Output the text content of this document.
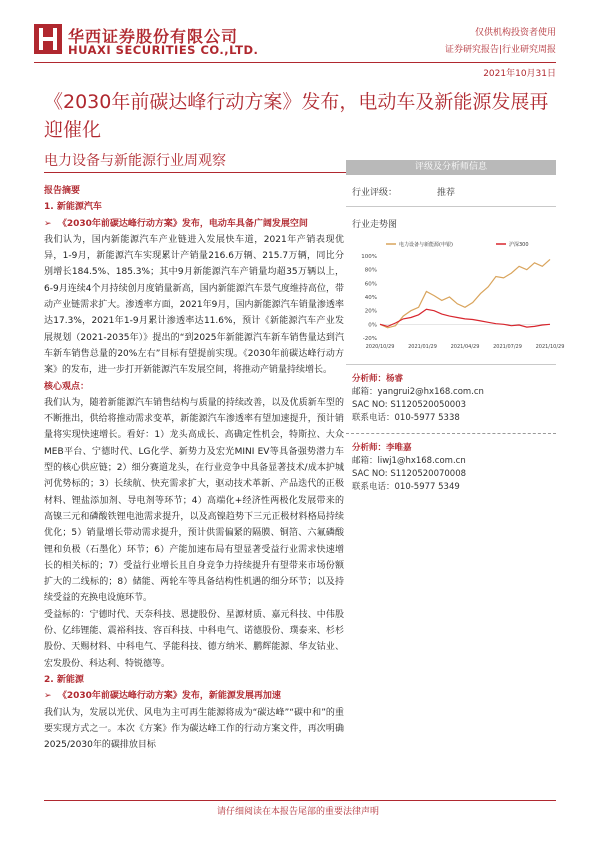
华西证券股份有限公司
HUAXI SECURITIES CO.,LTD.
仅供机构投资者使用
证券研究报告|行业研究周报
2021年10月31日
《2030年前碳达峰行动方案》发布，电动车及新能源发展再迎催化
电力设备与新能源行业周观察
报告摘要
1. 新能源汽车
➢  《2030年前碳达峰行动方案》发布，电动车具备广阔发展空间
我们认为，国内新能源汽车产业链进入发展快车道，2021年产销表现优异，1-9月，新能源汽车实现累计产销量216.6万辆、215.7万辆，同比分别增长184.5%、185.3%；其中9月新能源汽车产销量均超35万辆以上，6-9月连续4个月持续创月度销量新高，国内新能源汽车景气度维持高位，带动产业链需求扩大。渗透率方面，2021年9月，国内新能源汽车销量渗透率达17.3%，2021年1-9月累计渗透率达11.6%，预计《新能源汽车产业发展规划（2021-2035年）》提出的“到2025年新能源汽车新车销售量达到汽车新车销售总量的20%左右”目标有望提前实现。《2030年前碳达峰行动方案》的发布，进一步打开新能源汽车发展空间，将推动产销量持续增长。
核心观点：
我们认为，随着新能源汽车销售结构与质量的持续改善，以及优质新车型的不断推出，供给将推动需求变革，新能源汽车渗透率有望加速提升，预计销量将实现快速增长。看好：1）龙头高成长、高确定性机会，特斯拉、大众MEB平台、宁德时代、LG化学、新势力及宏光MINI EV等具备强势潜力车型的核心供应链；2）细分赛道龙头，在行业竞争中具备显著技术/成本护城河优势标的；3）长续航、快充需求扩大，驱动技术革新、产品迭代的正极材料、锂盐添加剂、导电剂等环节；4）高端化+经济性两极化发展带来的高镍三元和磷酸铁锂电池需求提升，以及高镍趋势下三元正极材料格局持续优化；5）销量增长带动需求提升，预计供需偏紧的隔膜、铜箔、六氟磷酸锂和负极（石墨化）环节；6）产能加速布局有望显著受益行业需求快速增长的相关标的；7）受益行业增长且自身竞争力持续提升有望带来市场份额扩大的二线标的；8）储能、两轮车等具备结构性机遇的细分环节；以及持续受益的充换电设施环节。
受益标的：宁德时代、天奈科技、恩捷股份、星源材质、嘉元科技、中伟股份、亿纬锂能、震裕科技、容百科技、中科电气、诺德股份、璞泰来、杉杉股份、天赐材料、中科电气、孚能科技、德方纳米、鹏辉能源、华友钴业、宏发股份、科达利、特锐德等。
2. 新能源
➢  《2030年前碳达峰行动方案》发布，新能源发展再加速
我们认为，发展以光伏、风电为主可再生能源将成为“碳达峰”“碳中和”的重要实现方式之一。本次《方案》作为碳达峰工作的行动方案文件，再次明确2025/2030年的碳排放目标
评级及分析师信息
行业评级：	推荐
行业走势图
100%
80%
60%
40%
20%
0%
-20%
2020/10/29	2021/01/29	2021/04/29	2021/07/29	2021/10/29
电力设备与新能源(申银)	沪深300
分析师：杨睿
邮箱：yangrui2@hx168.com.cn
SAC NO: S1120520050003
联系电话：010-5977 5338
分析师：李唯嘉
邮箱：liwj1@hx168.com.cn
SAC NO: S1120520070008
联系电话：010-5977 5349
请仔细阅读在本报告尾部的重要法律声明
